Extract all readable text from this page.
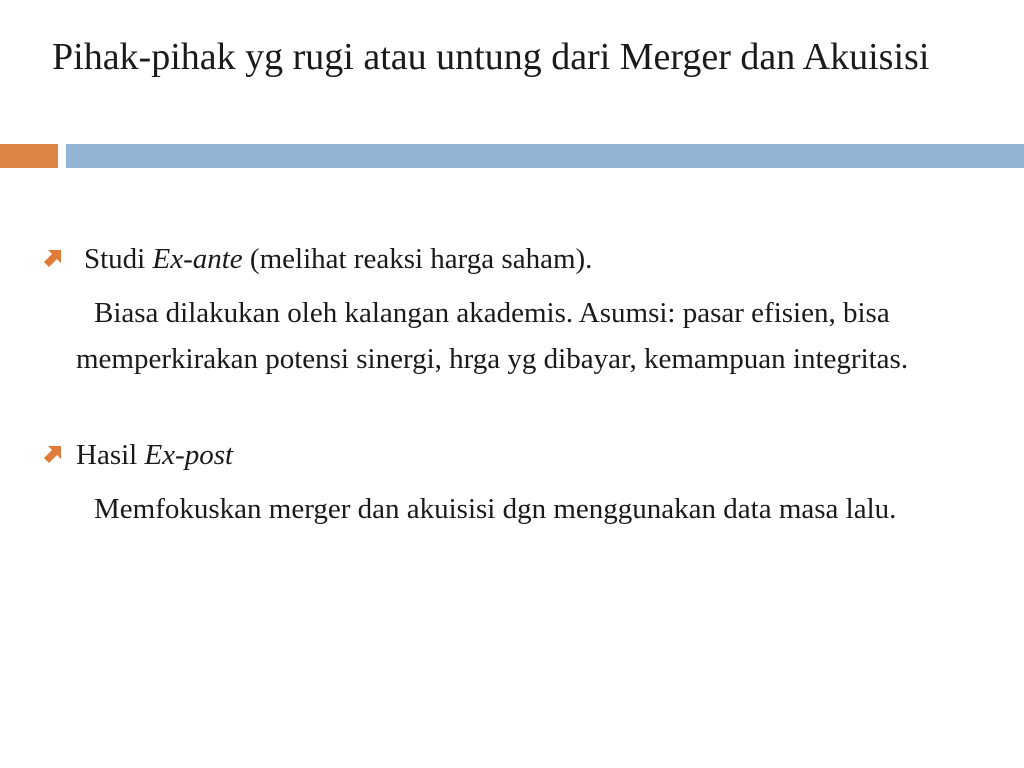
Pihak-pihak yg rugi atau untung dari Merger dan Akuisisi

Studi Ex-ante (melihat reaksi harga saham).

Biasa dilakukan oleh kalangan akademis. Asumsi: pasar efisien, bisa memperkirakan potensi sinergi, hrga yg dibayar, kemampuan integritas.

Hasil Ex-post

Memfokuskan merger dan akuisisi dgn menggunakan data masa lalu.
